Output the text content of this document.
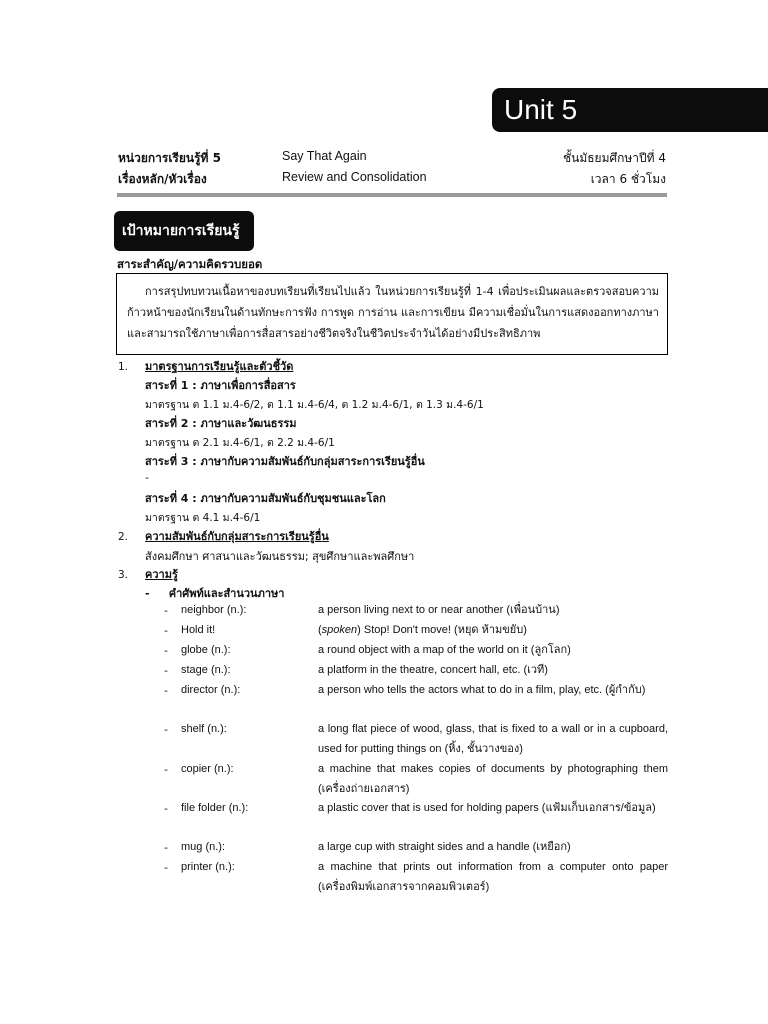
Unit 5
หน่วยการเรียนรู้ที่ 5	Say That Again	ชั้นมัธยมศึกษาปีที่ 4
เรื่องหลัก/หัวเรื่อง	Review and Consolidation	เวลา 6 ชั่วโมง
เป้าหมายการเรียนรู้
สาระสำคัญ/ความคิดรวบยอด
การสรุปทบทวนเนื้อหาของบทเรียนที่เรียนไปแล้ว ในหน่วยการเรียนรู้ที่ 1-4 เพื่อประเมินผลและตรวจสอบความก้าวหน้าของนักเรียนในด้านทักษะการฟัง การพูด การอ่าน และการเขียน มีความเชื่อมั่นในการแสดงออกทางภาษาและสามารถใช้ภาษาเพื่อการสื่อสารอย่างชีวิตจริงในชีวิตประจำวันได้อย่างมีประสิทธิภาพ
1. มาตรฐานการเรียนรู้และตัวชี้วัด
สาระที่ 1 : ภาษาเพื่อการสื่อสาร
มาตรฐาน ต 1.1 ม.4-6/2, ต 1.1 ม.4-6/4, ต 1.2 ม.4-6/1, ต 1.3 ม.4-6/1
สาระที่ 2 : ภาษาและวัฒนธรรม
มาตรฐาน ต 2.1 ม.4-6/1, ต 2.2 ม.4-6/1
สาระที่ 3 : ภาษากับความสัมพันธ์กับกลุ่มสาระการเรียนรู้อื่น
-
สาระที่ 4 : ภาษากับความสัมพันธ์กับชุมชนและโลก
มาตรฐาน ต 4.1 ม.4-6/1
2. ความสัมพันธ์กับกลุ่มสาระการเรียนรู้อื่น
สังคมศึกษา ศาสนาและวัฒนธรรม; สุขศึกษาและพลศึกษา
3. ความรู้
-     คำศัพท์และสำนวนภาษา
- neighbor (n.):	a person living next to or near another (เพื่อนบ้าน)
- Hold it!	(spoken) Stop! Don't move! (หยุด ห้ามขยับ)
- globe (n.):	a round object with a map of the world on it (ลูกโลก)
- stage (n.):	a platform in the theatre, concert hall, etc. (เวที)
- director (n.):	a person who tells the actors what to do in a film, play, etc. (ผู้กำกับ)
- shelf (n.):	a long flat piece of wood, glass, that is fixed to a wall or in a cupboard, used for putting things on (หิ้ง, ชั้นวางของ)
- copier (n.):	a machine that makes copies of documents by photographing them (เครื่องถ่ายเอกสาร)
- file folder (n.):	a plastic cover that is used for holding papers (แฟ้มเก็บเอกสาร/ข้อมูล)
- mug (n.):	a large cup with straight sides and a handle (เหยือก)
- printer (n.):	a machine that prints out information from a computer onto paper (เครื่องพิมพ์เอกสารจากคอมพิวเตอร์)
